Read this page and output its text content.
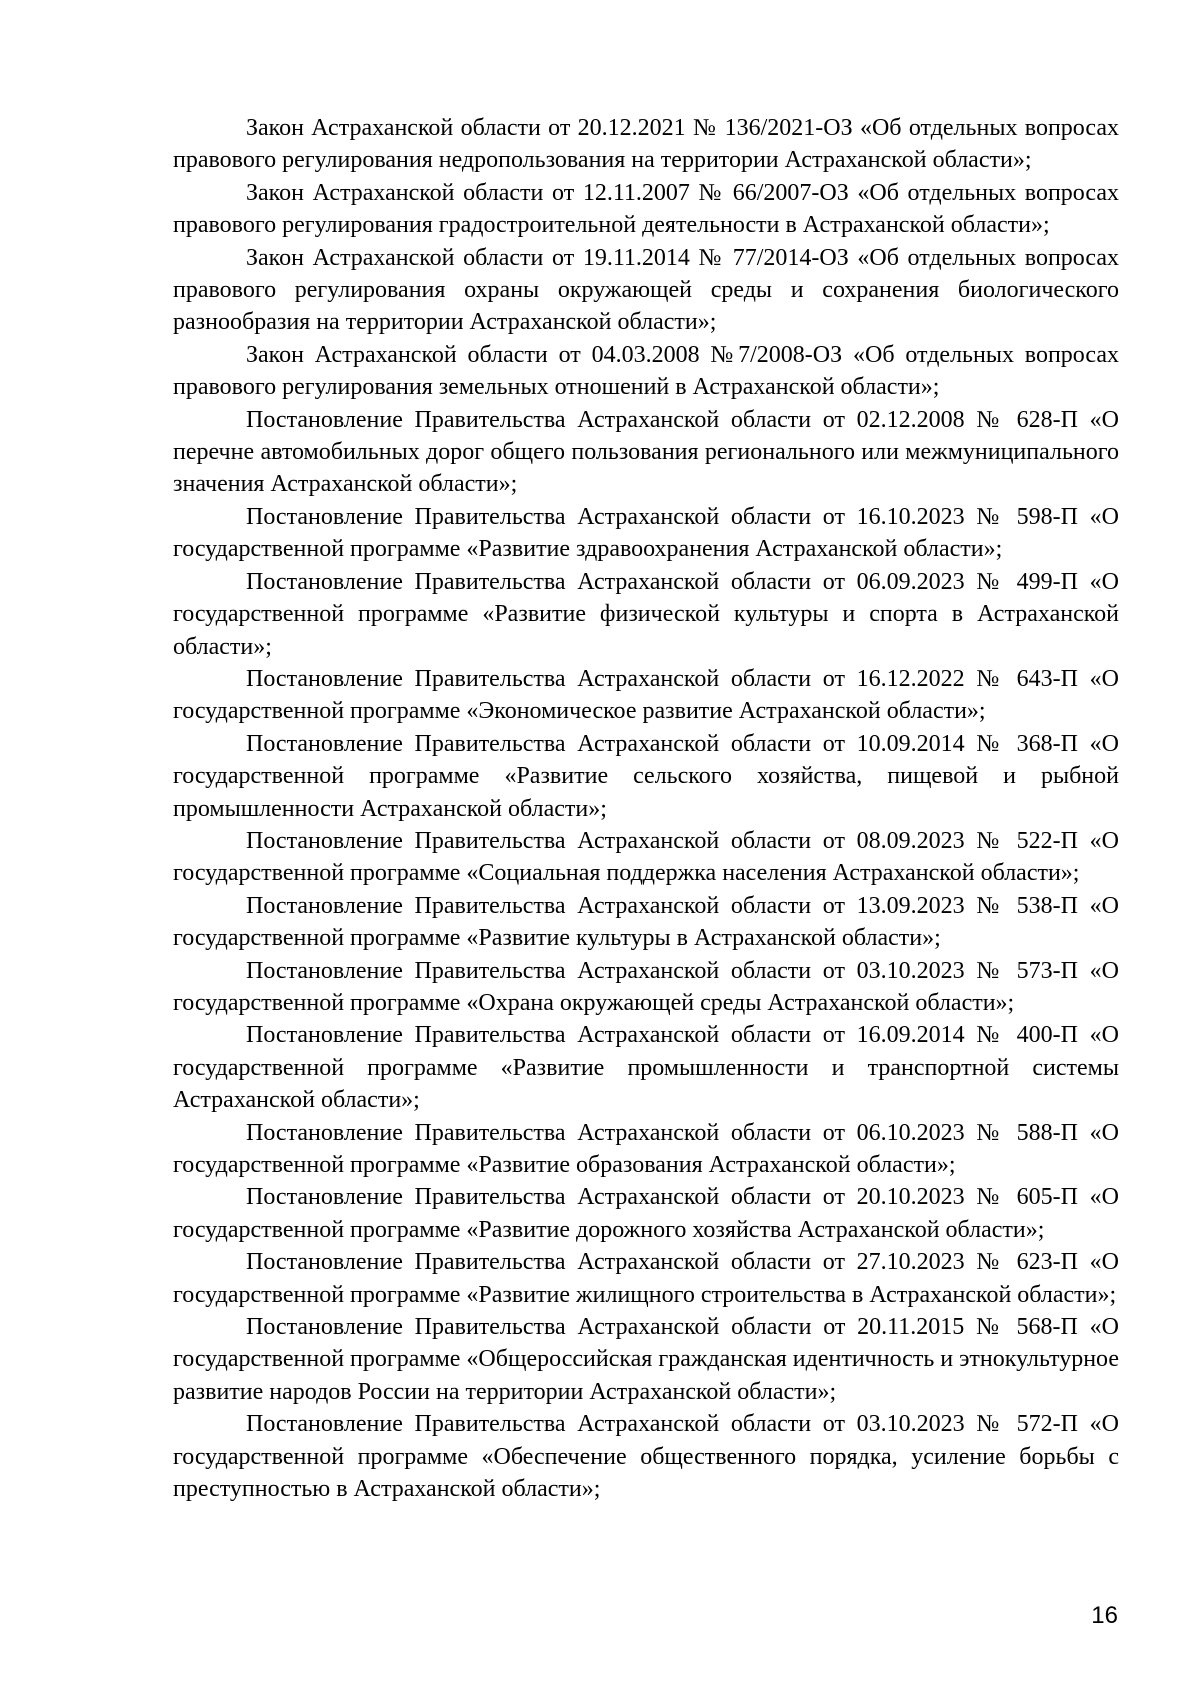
Закон Астраханской области от 20.12.2021 № 136/2021-ОЗ «Об отдельных вопросах правового регулирования недропользования на территории Астраханской области»;

Закон Астраханской области от 12.11.2007 № 66/2007-ОЗ «Об отдельных вопросах правового регулирования градостроительной деятельности в Астраханской области»;

Закон Астраханской области от 19.11.2014 № 77/2014-ОЗ «Об отдельных вопросах правового регулирования охраны окружающей среды и сохранения биологического разнообразия на территории Астраханской области»;

Закон Астраханской области от 04.03.2008 №7/2008-ОЗ «Об отдельных вопросах правового регулирования земельных отношений в Астраханской области»;

Постановление Правительства Астраханской области от 02.12.2008 № 628-П «О перечне автомобильных дорог общего пользования регионального или межмуниципального значения Астраханской области»;

Постановление Правительства Астраханской области от 16.10.2023 № 598-П «О государственной программе «Развитие здравоохранения Астраханской области»;

Постановление Правительства Астраханской области от 06.09.2023 № 499-П «О государственной программе «Развитие физической культуры и спорта в Астраханской области»;

Постановление Правительства Астраханской области от 16.12.2022 № 643-П «О государственной программе «Экономическое развитие Астраханской области»;

Постановление Правительства Астраханской области от 10.09.2014 № 368-П «О государственной программе «Развитие сельского хозяйства, пищевой и рыбной промышленности Астраханской области»;

Постановление Правительства Астраханской области от 08.09.2023 № 522-П «О государственной программе «Социальная поддержка населения Астраханской области»;

Постановление Правительства Астраханской области от 13.09.2023 № 538-П «О государственной программе «Развитие культуры в Астраханской области»;

Постановление Правительства Астраханской области от 03.10.2023 № 573-П «О государственной программе «Охрана окружающей среды Астраханской области»;

Постановление Правительства Астраханской области от 16.09.2014 № 400-П «О государственной программе «Развитие промышленности и транспортной системы Астраханской области»;

Постановление Правительства Астраханской области от 06.10.2023 № 588-П «О государственной программе «Развитие образования Астраханской области»;

Постановление Правительства Астраханской области от 20.10.2023 № 605-П «О государственной программе «Развитие дорожного хозяйства Астраханской области»;

Постановление Правительства Астраханской области от 27.10.2023 № 623-П «О государственной программе «Развитие жилищного строительства в Астраханской области»;

Постановление Правительства Астраханской области от 20.11.2015 № 568-П «О государственной программе «Общероссийская гражданская идентичность и этнокультурное развитие народов России на территории Астраханской области»;

Постановление Правительства Астраханской области от 03.10.2023 № 572-П «О государственной программе «Обеспечение общественного порядка, усиление борьбы с преступностью в Астраханской области»;

16
